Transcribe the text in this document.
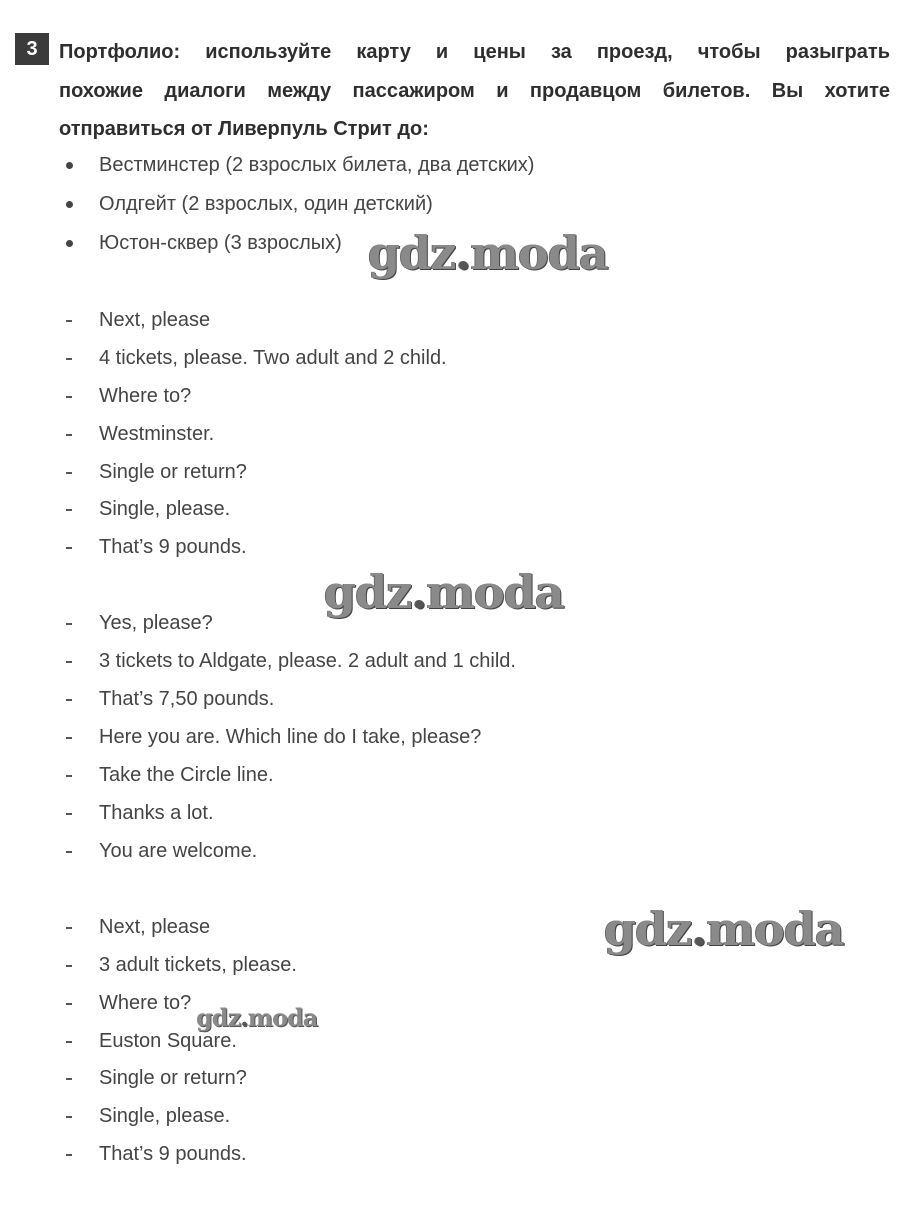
3	Портфолио: используйте карту и цены за проезд, чтобы разыграть
похожие диалоги между пассажиром и продавцом билетов. Вы хотите
отправиться от Ливерпуль Стрит до:
Вестминстер (2 взрослых билета, два детских)
Олдгейт (2 взрослых, один детский)
Юстон-сквер (3 взрослых)
Next, please
4 tickets, please. Two adult and 2 child.
Where to?
Westminster.
Single or return?
Single, please.
That’s 9 pounds.
Yes, please?
3 tickets to Aldgate, please. 2 adult and 1 child.
That’s 7,50 pounds.
Here you are. Which line do I take, please?
Take the Circle line.
Thanks a lot.
You are welcome.
Next, please
3 adult tickets, please.
Where to?
Euston Square.
Single or return?
Single, please.
That’s 9 pounds.
gdz.moda
gdz.moda
gdz.moda
gdz.moda
